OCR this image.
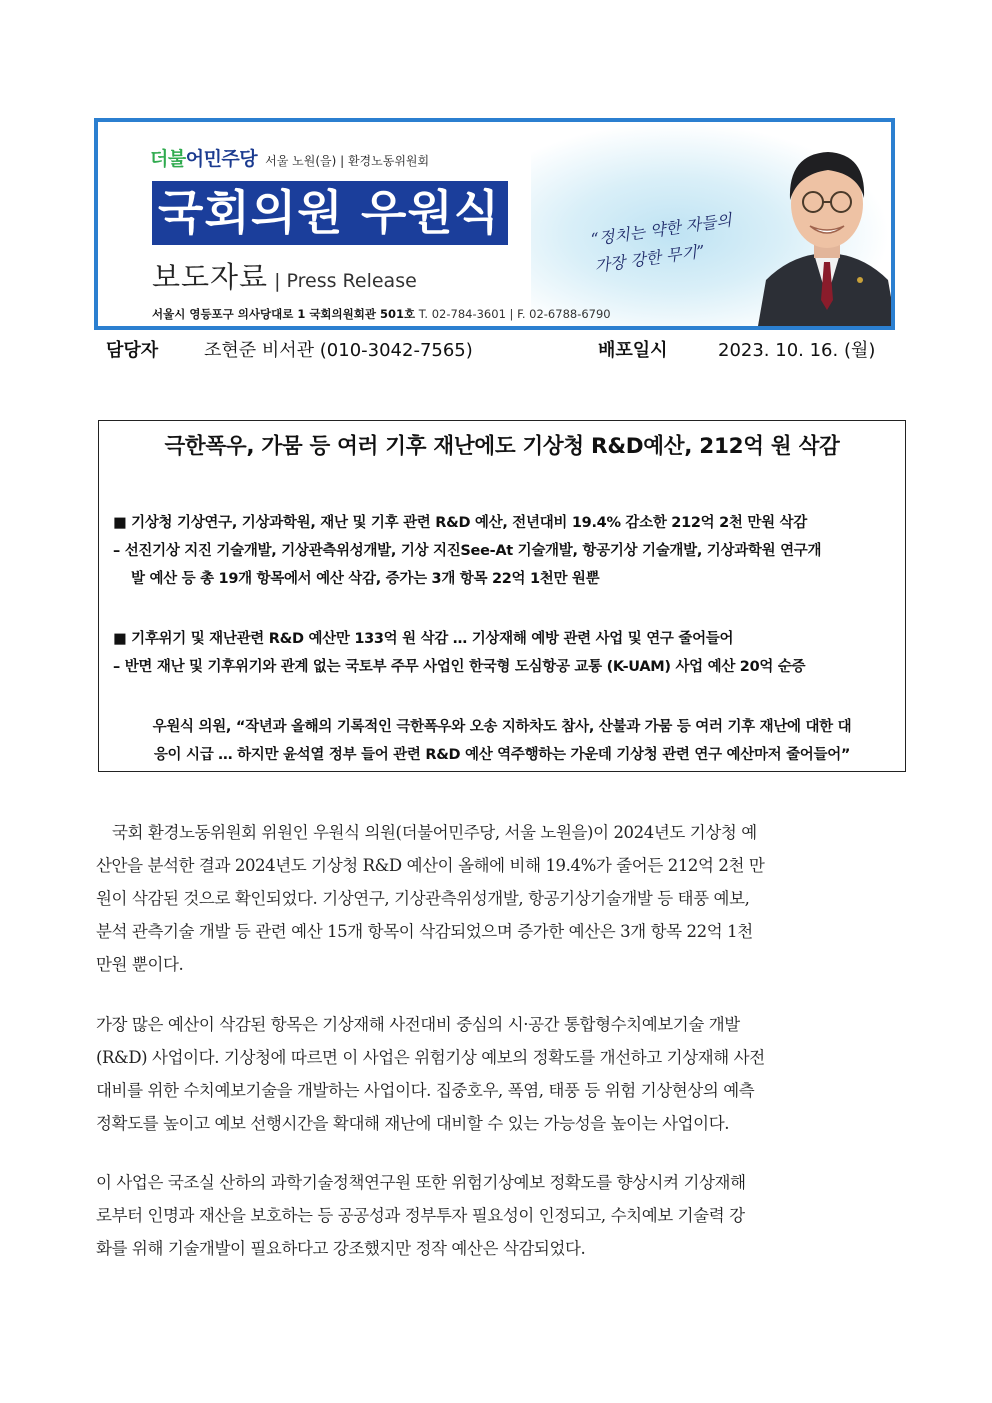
더불어민주당 서울 노원(을) | 환경노동위원회
국회의원 우원식
보도자료 | Press Release
서울시 영등포구 의사당대로 1 국회의원회관 501호 T. 02-784-3601 | F. 02-6788-6790
“정치는 약한 자들의
가장 강한 무기”
담당자	조현준 비서관 (010-3042-7565)	배포일시	2023. 10. 16. (월)
극한폭우, 가뭄 등 여러 기후 재난에도 기상청 R&D예산, 212억 원 삭감
■ 기상청 기상연구, 기상과학원, 재난 및 기후 관련 R&D 예산, 전년대비 19.4% 감소한 212억 2천 만원 삭감
– 선진기상 지진 기술개발, 기상관측위성개발, 기상 지진See-At 기술개발, 항공기상 기술개발, 기상과학원 연구개
발 예산 등 총 19개 항목에서 예산 삭감, 증가는 3개 항목 22억 1천만 원뿐
■ 기후위기 및 재난관련 R&D 예산만 133억 원 삭감 … 기상재해 예방 관련 사업 및 연구 줄어들어
– 반면 재난 및 기후위기와 관계 없는 국토부 주무 사업인 한국형 도심항공 교통 (K-UAM) 사업 예산 20억 순증
우원식 의원, “작년과 올해의 기록적인 극한폭우와 오송 지하차도 참사, 산불과 가뭄 등 여러 기후 재난에 대한 대
응이 시급 … 하지만 윤석열 정부 들어 관련 R&D 예산 역주행하는 가운데 기상청 관련 연구 예산마저 줄어들어”
국회 환경노동위원회 위원인 우원식 의원(더불어민주당, 서울 노원을)이 2024년도 기상청 예
산안을 분석한 결과 2024년도 기상청 R&D 예산이 올해에 비해 19.4%가 줄어든 212억 2천 만
원이 삭감된 것으로 확인되었다. 기상연구, 기상관측위성개발, 항공기상기술개발 등 태풍 예보,
분석 관측기술 개발 등 관련 예산 15개 항목이 삭감되었으며 증가한 예산은 3개 항목 22억 1천
만원 뿐이다.
가장 많은 예산이 삭감된 항목은 기상재해 사전대비 중심의 시·공간 통합형수치예보기술 개발
(R&D) 사업이다. 기상청에 따르면 이 사업은 위험기상 예보의 정확도를 개선하고 기상재해 사전
대비를 위한 수치예보기술을 개발하는 사업이다. 집중호우, 폭염, 태풍 등 위험 기상현상의 예측
정확도를 높이고 예보 선행시간을 확대해 재난에 대비할 수 있는 가능성을 높이는 사업이다.
이 사업은 국조실 산하의 과학기술정책연구원 또한 위험기상예보 정확도를 향상시켜 기상재해
로부터 인명과 재산을 보호하는 등 공공성과 정부투자 필요성이 인정되고, 수치예보 기술력 강
화를 위해 기술개발이 필요하다고 강조했지만 정작 예산은 삭감되었다.
